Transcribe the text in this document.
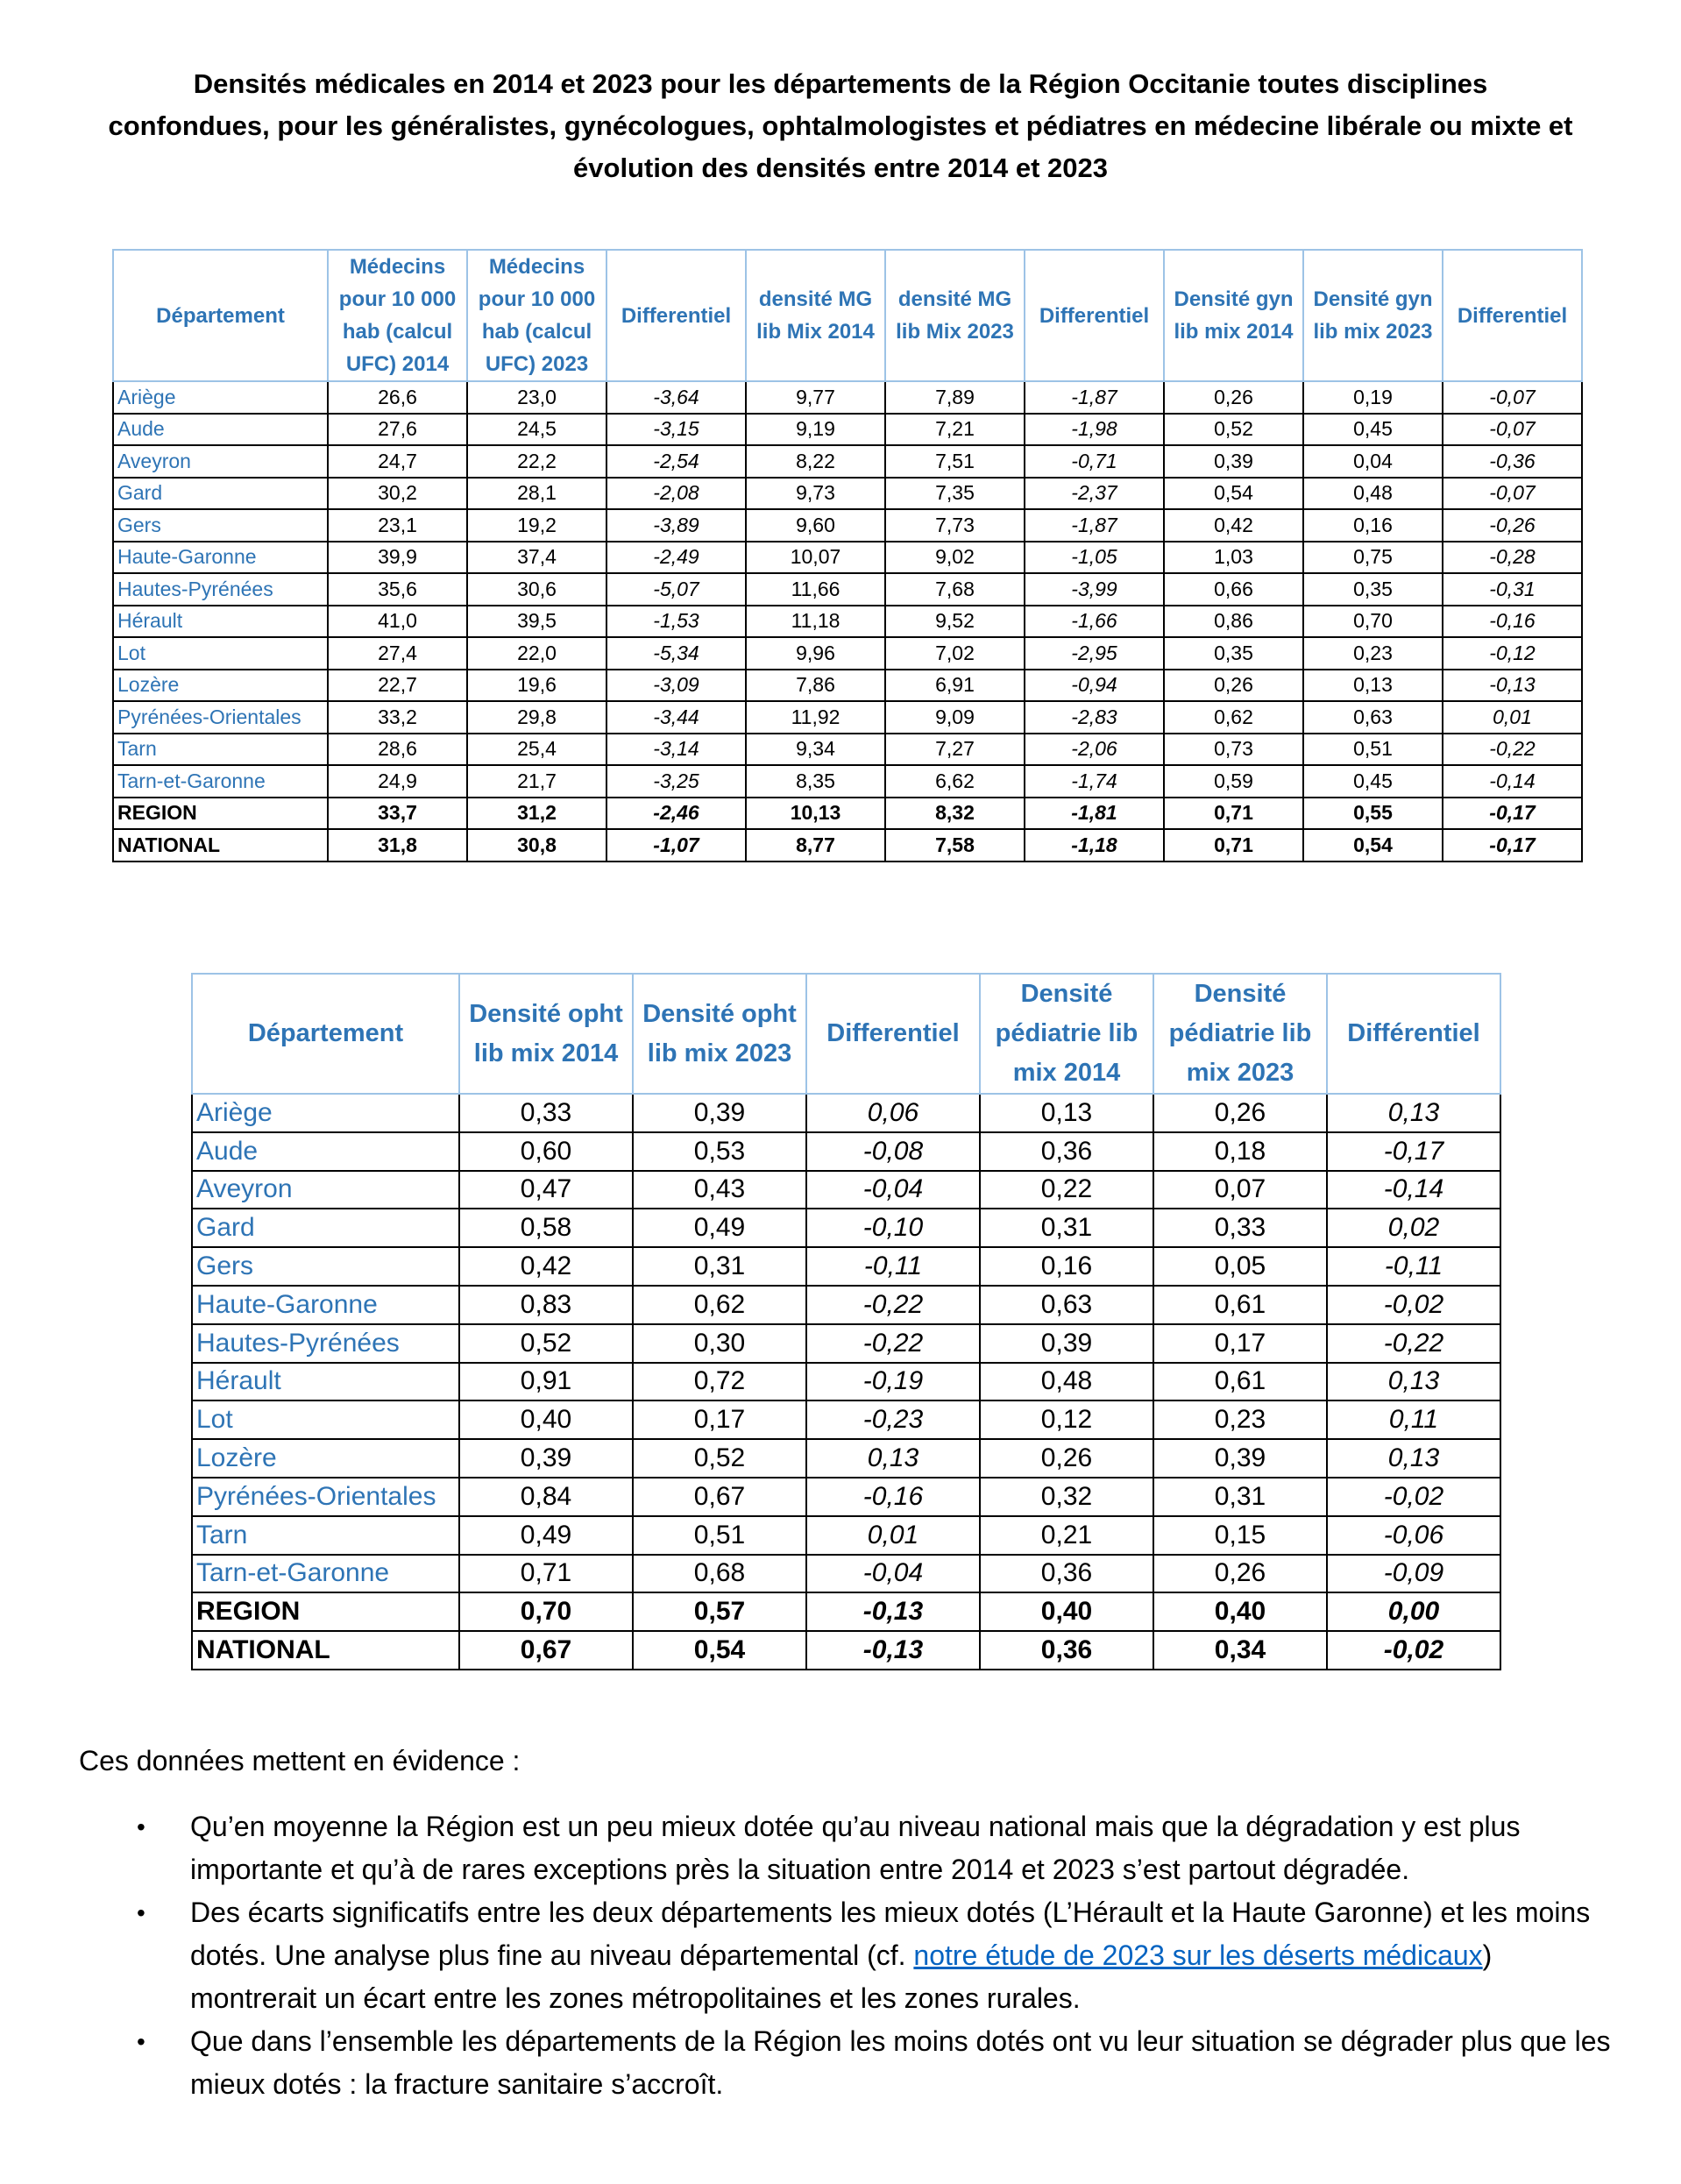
Densités médicales en 2014 et 2023 pour les départements de la Région Occitanie toutes disciplines
confondues, pour les généralistes, gynécologues, ophtalmologistes et pédiatres en médecine libérale ou mixte et
évolution des densités entre 2014 et 2023
Département	Médecins pour 10 000 hab (calcul UFC) 2014	Médecins pour 10 000 hab (calcul UFC) 2023	Differentiel	densité MG lib Mix 2014	densité MG lib Mix 2023	Differentiel	Densité gyn lib mix 2014	Densité gyn lib mix 2023	Differentiel
Ariège	26,6	23,0	-3,64	9,77	7,89	-1,87	0,26	0,19	-0,07
Aude	27,6	24,5	-3,15	9,19	7,21	-1,98	0,52	0,45	-0,07
Aveyron	24,7	22,2	-2,54	8,22	7,51	-0,71	0,39	0,04	-0,36
Gard	30,2	28,1	-2,08	9,73	7,35	-2,37	0,54	0,48	-0,07
Gers	23,1	19,2	-3,89	9,60	7,73	-1,87	0,42	0,16	-0,26
Haute-Garonne	39,9	37,4	-2,49	10,07	9,02	-1,05	1,03	0,75	-0,28
Hautes-Pyrénées	35,6	30,6	-5,07	11,66	7,68	-3,99	0,66	0,35	-0,31
Hérault	41,0	39,5	-1,53	11,18	9,52	-1,66	0,86	0,70	-0,16
Lot	27,4	22,0	-5,34	9,96	7,02	-2,95	0,35	0,23	-0,12
Lozère	22,7	19,6	-3,09	7,86	6,91	-0,94	0,26	0,13	-0,13
Pyrénées-Orientales	33,2	29,8	-3,44	11,92	9,09	-2,83	0,62	0,63	0,01
Tarn	28,6	25,4	-3,14	9,34	7,27	-2,06	0,73	0,51	-0,22
Tarn-et-Garonne	24,9	21,7	-3,25	8,35	6,62	-1,74	0,59	0,45	-0,14
REGION	33,7	31,2	-2,46	10,13	8,32	-1,81	0,71	0,55	-0,17
NATIONAL	31,8	30,8	-1,07	8,77	7,58	-1,18	0,71	0,54	-0,17
Département	Densité opht lib mix 2014	Densité opht lib mix 2023	Differentiel	Densité pédiatrie lib mix 2014	Densité pédiatrie lib mix 2023	Différentiel
Ariège	0,33	0,39	0,06	0,13	0,26	0,13
Aude	0,60	0,53	-0,08	0,36	0,18	-0,17
Aveyron	0,47	0,43	-0,04	0,22	0,07	-0,14
Gard	0,58	0,49	-0,10	0,31	0,33	0,02
Gers	0,42	0,31	-0,11	0,16	0,05	-0,11
Haute-Garonne	0,83	0,62	-0,22	0,63	0,61	-0,02
Hautes-Pyrénées	0,52	0,30	-0,22	0,39	0,17	-0,22
Hérault	0,91	0,72	-0,19	0,48	0,61	0,13
Lot	0,40	0,17	-0,23	0,12	0,23	0,11
Lozère	0,39	0,52	0,13	0,26	0,39	0,13
Pyrénées-Orientales	0,84	0,67	-0,16	0,32	0,31	-0,02
Tarn	0,49	0,51	0,01	0,21	0,15	-0,06
Tarn-et-Garonne	0,71	0,68	-0,04	0,36	0,26	-0,09
REGION	0,70	0,57	-0,13	0,40	0,40	0,00
NATIONAL	0,67	0,54	-0,13	0,36	0,34	-0,02

Ces données mettent en évidence :

• Qu’en moyenne la Région est un peu mieux dotée qu’au niveau national mais que la dégradation y est plus importante et qu’à de rares exceptions près la situation entre 2014 et 2023 s’est partout dégradée.
• Des écarts significatifs entre les deux départements les mieux dotés (L’Hérault et la Haute Garonne) et les moins dotés. Une analyse plus fine au niveau départemental (cf. notre étude de 2023 sur les déserts médicaux) montrerait un écart entre les zones métropolitaines et les zones rurales.
• Que dans l’ensemble les départements de la Région les moins dotés ont vu leur situation se dégrader plus que les mieux dotés : la fracture sanitaire s’accroît.
